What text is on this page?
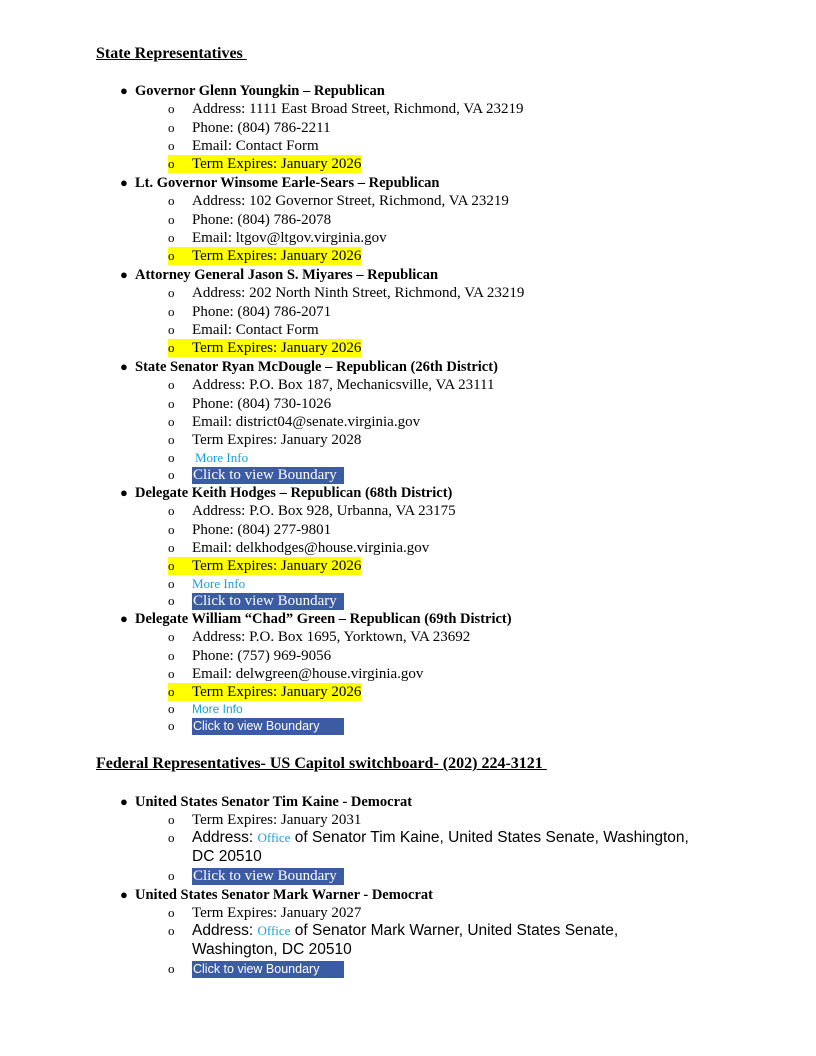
State Representatives
● Governor Glenn Youngkin – Republican
o Address: 1111 East Broad Street, Richmond, VA 23219
o Phone: (804) 786-2211
o Email: Contact Form
o Term Expires: January 2026
● Lt. Governor Winsome Earle-Sears – Republican
o Address: 102 Governor Street, Richmond, VA 23219
o Phone: (804) 786-2078
o Email: ltgov@ltgov.virginia.gov
o Term Expires: January 2026
● Attorney General Jason S. Miyares – Republican
o Address: 202 North Ninth Street, Richmond, VA 23219
o Phone: (804) 786-2071
o Email: Contact Form
o Term Expires: January 2026
● State Senator Ryan McDougle – Republican (26th District)
o Address: P.O. Box 187, Mechanicsville, VA 23111
o Phone: (804) 730-1026
o Email: district04@senate.virginia.gov
o Term Expires: January 2028
o More Info
o Click to view Boundary
● Delegate Keith Hodges – Republican (68th District)
o Address: P.O. Box 928, Urbanna, VA 23175
o Phone: (804) 277-9801
o Email: delkhodges@house.virginia.gov
o Term Expires: January 2026
o More Info
o Click to view Boundary
● Delegate William “Chad” Green – Republican (69th District)
o Address: P.O. Box 1695, Yorktown, VA 23692
o Phone: (757) 969-9056
o Email: delwgreen@house.virginia.gov
o Term Expires: January 2026
o More Info
o Click to view Boundary
Federal Representatives- US Capitol switchboard- (202) 224-3121
● United States Senator Tim Kaine - Democrat
o Term Expires: January 2031
o Address: Office of Senator Tim Kaine, United States Senate, Washington,
DC 20510
o Click to view Boundary
● United States Senator Mark Warner - Democrat
o Term Expires: January 2027
o Address: Office of Senator Mark Warner, United States Senate,
Washington, DC 20510
o Click to view Boundary
